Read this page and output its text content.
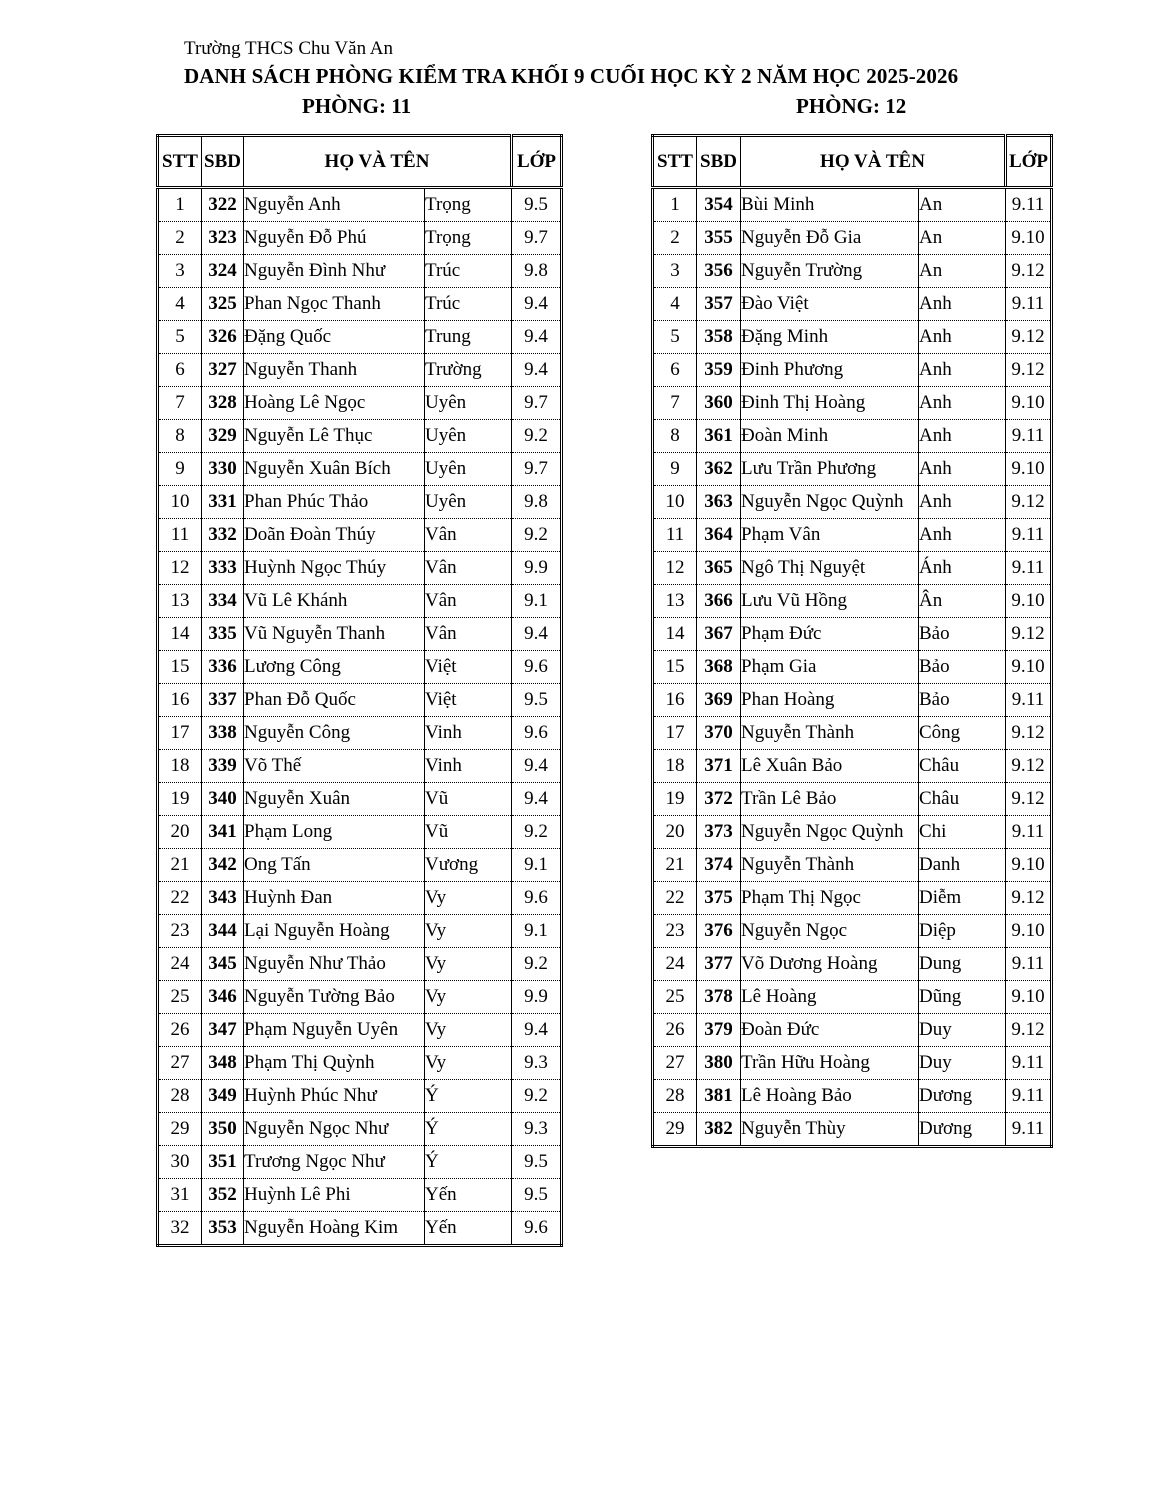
Trường THCS Chu Văn An
DANH SÁCH PHÒNG KIỂM TRA KHỐI 9 CUỐI HỌC KỲ 2 NĂM HỌC 2025-2026
PHÒNG: 11	PHÒNG: 12
STT	SBD	HỌ VÀ TÊN		LỚP
1	322	Nguyễn Anh	Trọng	9.5
2	323	Nguyễn Đỗ Phú	Trọng	9.7
3	324	Nguyễn Đình Như	Trúc	9.8
4	325	Phan Ngọc Thanh	Trúc	9.4
5	326	Đặng Quốc	Trung	9.4
6	327	Nguyễn Thanh	Trường	9.4
7	328	Hoàng Lê Ngọc	Uyên	9.7
8	329	Nguyễn Lê Thục	Uyên	9.2
9	330	Nguyễn Xuân Bích	Uyên	9.7
10	331	Phan Phúc Thảo	Uyên	9.8
11	332	Doãn Đoàn Thúy	Vân	9.2
12	333	Huỳnh Ngọc Thúy	Vân	9.9
13	334	Vũ Lê Khánh	Vân	9.1
14	335	Vũ Nguyễn Thanh	Vân	9.4
15	336	Lương Công	Việt	9.6
16	337	Phan Đỗ Quốc	Việt	9.5
17	338	Nguyễn Công	Vinh	9.6
18	339	Võ Thế	Vinh	9.4
19	340	Nguyễn Xuân	Vũ	9.4
20	341	Phạm Long	Vũ	9.2
21	342	Ong Tấn	Vương	9.1
22	343	Huỳnh Đan	Vy	9.6
23	344	Lại Nguyễn Hoàng	Vy	9.1
24	345	Nguyễn Như Thảo	Vy	9.2
25	346	Nguyễn Tường Bảo	Vy	9.9
26	347	Phạm Nguyễn Uyên	Vy	9.4
27	348	Phạm Thị Quỳnh	Vy	9.3
28	349	Huỳnh Phúc Như	Ý	9.2
29	350	Nguyễn Ngọc Như	Ý	9.3
30	351	Trương Ngọc Như	Ý	9.5
31	352	Huỳnh Lê Phi	Yến	9.5
32	353	Nguyễn Hoàng Kim	Yến	9.6
STT	SBD	HỌ VÀ TÊN		LỚP
1	354	Bùi Minh	An	9.11
2	355	Nguyễn Đỗ Gia	An	9.10
3	356	Nguyễn Trường	An	9.12
4	357	Đào Việt	Anh	9.11
5	358	Đặng Minh	Anh	9.12
6	359	Đinh Phương	Anh	9.12
7	360	Đinh Thị Hoàng	Anh	9.10
8	361	Đoàn Minh	Anh	9.11
9	362	Lưu Trần Phương	Anh	9.10
10	363	Nguyễn Ngọc Quỳnh	Anh	9.12
11	364	Phạm Vân	Anh	9.11
12	365	Ngô Thị Nguyệt	Ánh	9.11
13	366	Lưu Vũ Hồng	Ân	9.10
14	367	Phạm Đức	Bảo	9.12
15	368	Phạm Gia	Bảo	9.10
16	369	Phan Hoàng	Bảo	9.11
17	370	Nguyễn Thành	Công	9.12
18	371	Lê Xuân Bảo	Châu	9.12
19	372	Trần Lê Bảo	Châu	9.12
20	373	Nguyễn Ngọc Quỳnh	Chi	9.11
21	374	Nguyễn Thành	Danh	9.10
22	375	Phạm Thị Ngọc	Diễm	9.12
23	376	Nguyễn Ngọc	Diệp	9.10
24	377	Võ Dương Hoàng	Dung	9.11
25	378	Lê Hoàng	Dũng	9.10
26	379	Đoàn Đức	Duy	9.12
27	380	Trần Hữu Hoàng	Duy	9.11
28	381	Lê Hoàng Bảo	Dương	9.11
29	382	Nguyễn Thùy	Dương	9.11
